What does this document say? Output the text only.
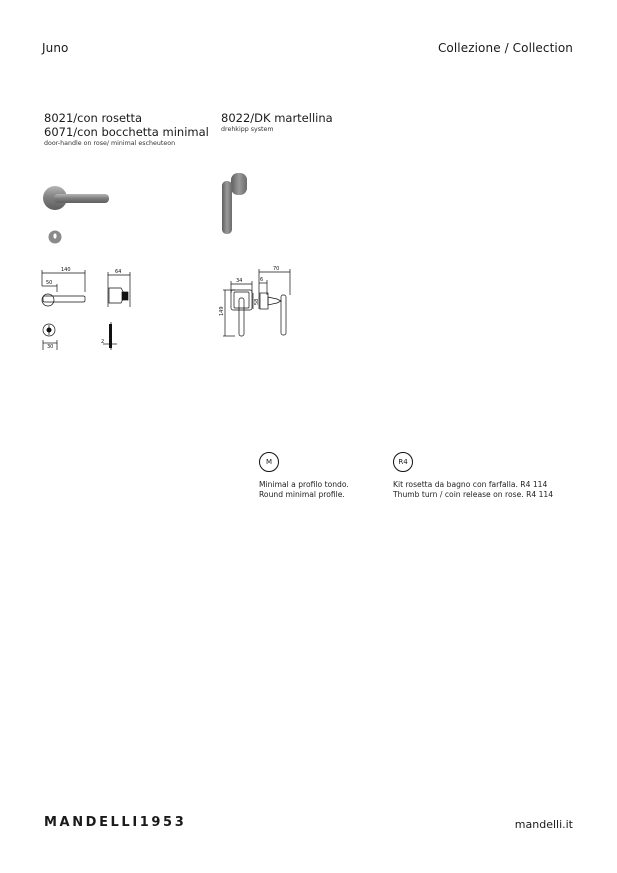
Juno	Collezione / Collection
8021/con rosetta
6071/con bocchetta minimal
door-handle on rose/ minimal escheuteon
8022/DK martellina
drehkipp system
140
50
64
30
2
149
34
70
6
58
M
Minimal a profilo tondo.
Round minimal profile.
R4
Kit rosetta da bagno con farfalla. R4 114
Thumb turn / coin release on rose. R4 114
MANDELLI1953	mandelli.it
